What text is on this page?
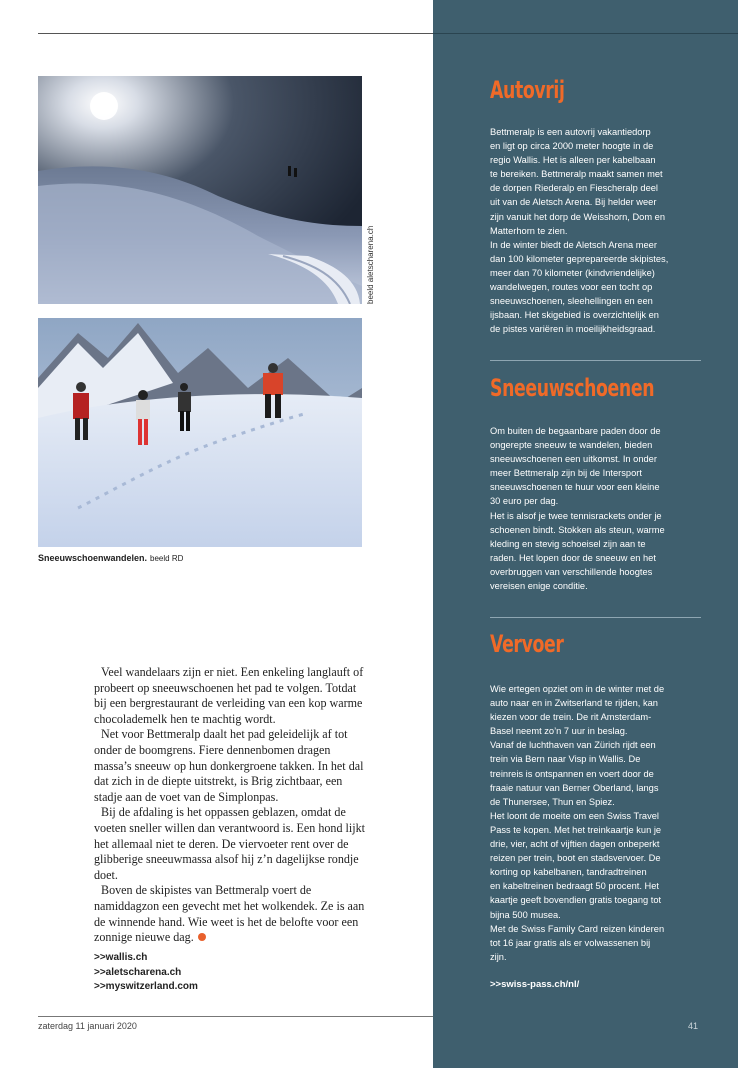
beeld aletscharena.ch
Sneeuwschoenwandelen. beeld RD

Veel wandelaars zijn er niet. Een enkeling langlauft of probeert op sneeuwschoenen het pad te volgen. Totdat bij een bergrestaurant de verleiding van een kop warme chocolademelk hen te machtig wordt.

Net voor Bettmeralp daalt het pad geleidelijk af tot onder de boomgrens. Fiere dennenbomen dragen massa’s sneeuw op hun donkergroene takken. In het dal dat zich in de diepte uitstrekt, is Brig zichtbaar, een stadje aan de voet van de Simplonpas.

Bij de afdaling is het oppassen geblazen, omdat de voeten sneller willen dan verantwoord is. Een hond lijkt het allemaal niet te deren. De viervoeter rent over de glibberige sneeuwmassa alsof hij z’n dagelijkse rondje doet.

Boven de skipistes van Bettmeralp voert de namiddagzon een gevecht met het wolkendek. Ze is aan de winnende hand. Wie weet is het de belofte voor een zonnige nieuwe dag.

>>wallis.ch
>>aletscharena.ch
>>myswitzerland.com
zaterdag 11 januari 2020
Autovrij
Bettmeralp is een autovrij vakantiedorp
en ligt op circa 2000 meter hoogte in de
regio Wallis. Het is alleen per kabelbaan
te bereiken. Bettmeralp maakt samen met
de dorpen Riederalp en Fiescheralp deel
uit van de Aletsch Arena. Bij helder weer
zijn vanuit het dorp de Weisshorn, Dom en
Matterhorn te zien.
In de winter biedt de Aletsch Arena meer
dan 100 kilometer geprepareerde skipistes,
meer dan 70 kilometer (kindvriendelijke)
wandelwegen, routes voor een tocht op
sneeuwschoenen, sleehellingen en een
ijsbaan. Het skigebied is overzichtelijk en
de pistes variëren in moeilijkheidsgraad.
Sneeuwschoenen
Om buiten de begaanbare paden door de
ongerepte sneeuw te wandelen, bieden
sneeuwschoenen een uitkomst. In onder
meer Bettmeralp zijn bij de Intersport
sneeuwschoenen te huur voor een kleine
30 euro per dag.
Het is alsof je twee tennisrackets onder je
schoenen bindt. Stokken als steun, warme
kleding en stevig schoeisel zijn aan te
raden. Het lopen door de sneeuw en het
overbruggen van verschillende hoogtes
vereisen enige conditie.
Vervoer
Wie ertegen opziet om in de winter met de
auto naar en in Zwitserland te rijden, kan
kiezen voor de trein. De rit Amsterdam-
Basel neemt zo’n 7 uur in beslag.
Vanaf de luchthaven van Zürich rijdt een
trein via Bern naar Visp in Wallis. De
treinreis is ontspannen en voert door de
fraaie natuur van Berner Oberland, langs
de Thunersee, Thun en Spiez.
Het loont de moeite om een Swiss Travel
Pass te kopen. Met het treinkaartje kun je
drie, vier, acht of vijftien dagen onbeperkt
reizen per trein, boot en stadsvervoer. De
korting op kabelbanen, tandradtreinen
en kabeltreinen bedraagt 50 procent. Het
kaartje geeft bovendien gratis toegang tot
bijna 500 musea.
Met de Swiss Family Card reizen kinderen
tot 16 jaar gratis als er volwassenen bij
zijn.
>>swiss-pass.ch/nl/
41
